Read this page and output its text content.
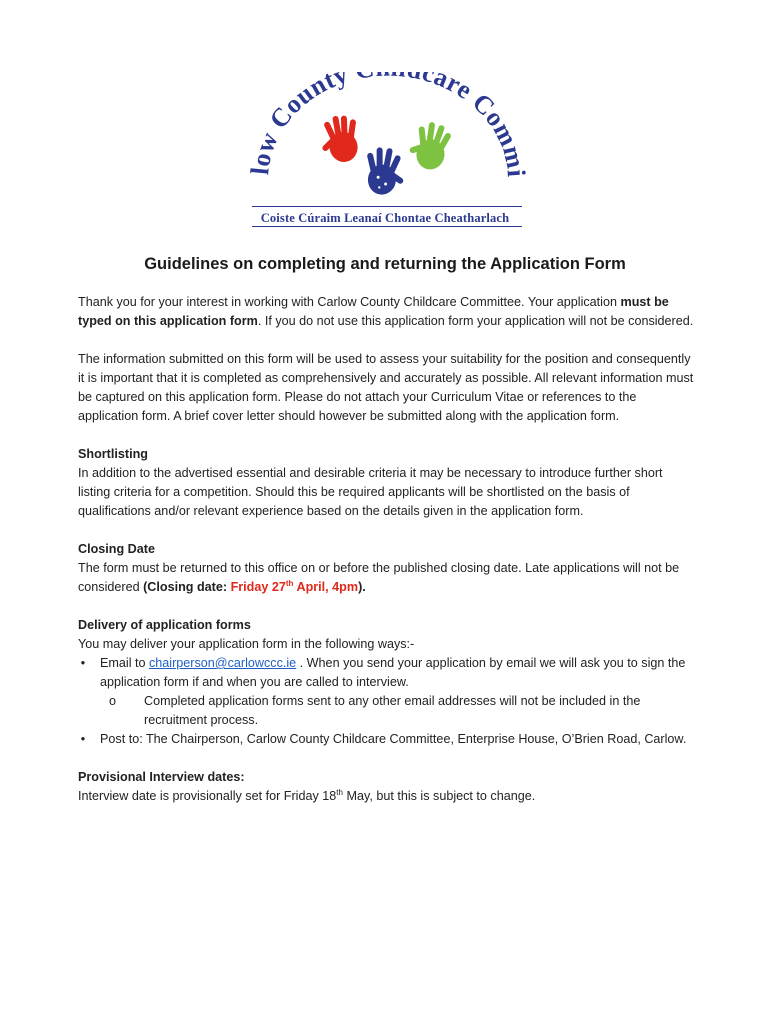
low County care Commi
Coiste Cúraim Leanaí Chontae Cheatharlach
Guidelines on completing and returning the Application Form

Thank you for your interest in working with Carlow County Childcare Committee. Your application must be typed on this application form. If you do not use this application form your application will not be considered.

The information submitted on this form will be used to assess your suitability for the position and consequently it is important that it is completed as comprehensively and accurately as possible. All relevant information must be captured on this application form. Please do not attach your Curriculum Vitae or references to the application form. A brief cover letter should however be submitted along with the application form.

Shortlisting

In addition to the advertised essential and desirable criteria it may be necessary to introduce further short listing criteria for a competition. Should this be required applicants will be shortlisted on the basis of qualifications and/or relevant experience based on the details given in the application form.

Closing Date

The form must be returned to this office on or before the published closing date. Late applications will not be considered (Closing date: Friday 27th April, 4pm).

Delivery of application forms

You may deliver your application form in the following ways:-

• Email to chairperson@carlowccc.ie . When you send your application by email we will ask you to sign the application form if and when you are called to interview.
o Completed application forms sent to any other email addresses will not be included in the recruitment process.
• Post to: The Chairperson, Carlow County Childcare Committee, Enterprise House, O’Brien Road, Carlow.

Provisional Interview dates:

Interview date is provisionally set for Friday 18th May, but this is subject to change.
